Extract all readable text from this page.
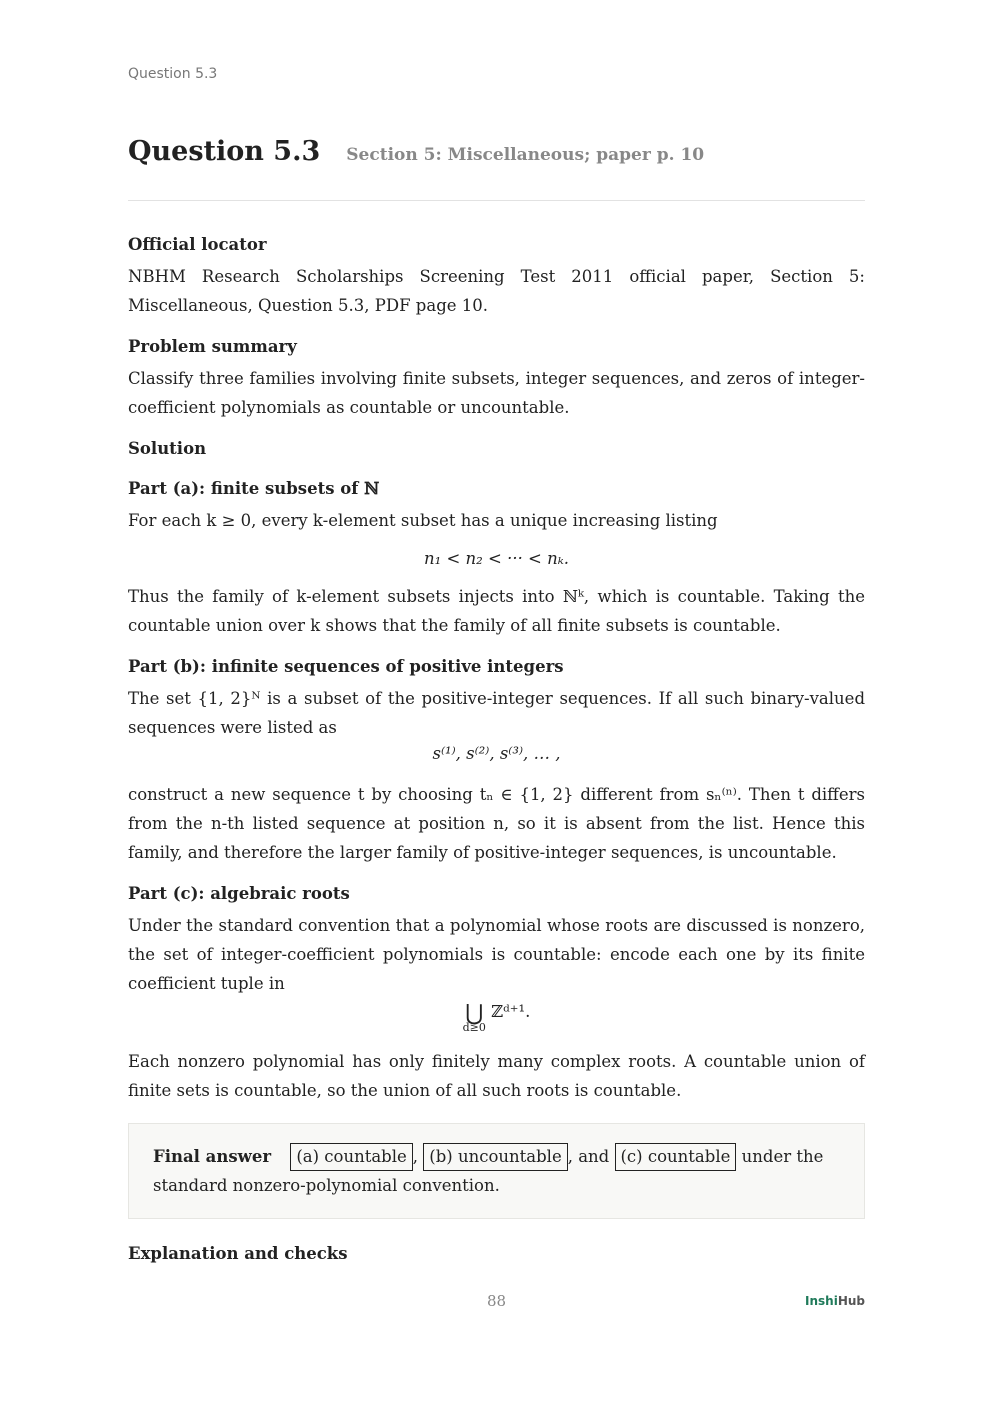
Question 5.3
Question 5.3 Section 5: Miscellaneous; paper p. 10
Official locator

NBHM Research Scholarships Screening Test 2011 official paper, Section 5: Miscellaneous, Question 5.3, PDF page 10.

Problem summary

Classify three families involving finite subsets, integer sequences, and zeros of integer-coefficient polynomials as countable or uncountable.

Solution
Part (a): finite subsets of ℕ

For each k ≥ 0, every k-element subset has a unique increasing listing

n₁ < n₂ < ··· < nₖ.

Thus the family of k-element subsets injects into ℕᵏ, which is countable. Taking the countable union over k shows that the family of all finite subsets is countable.

Part (b): infinite sequences of positive integers

The set {1, 2}ᴺ is a subset of the positive-integer sequences. If all such binary-valued sequences were listed as

s⁽¹⁾, s⁽²⁾, s⁽³⁾, … ,

construct a new sequence t by choosing tₙ ∈ {1, 2} different from sₙ⁽ⁿ⁾. Then t differs from the n-th listed sequence at position n, so it is absent from the list. Hence this family, and therefore the larger family of positive-integer sequences, is uncountable.

Part (c): algebraic roots

Under the standard convention that a polynomial whose roots are discussed is nonzero, the set of integer-coefficient polynomials is countable: encode each one by its finite coefficient tuple in

⋃
d≥0
ℤᵈ⁺¹.

Each nonzero polynomial has only finitely many complex roots. A countable union of finite sets is countable, so the union of all such roots is countable.

Final answer (a) countable , (b) uncountable , and (c) countable under the standard nonzero-polynomial convention.
Explanation and checks
88	InshiHub
